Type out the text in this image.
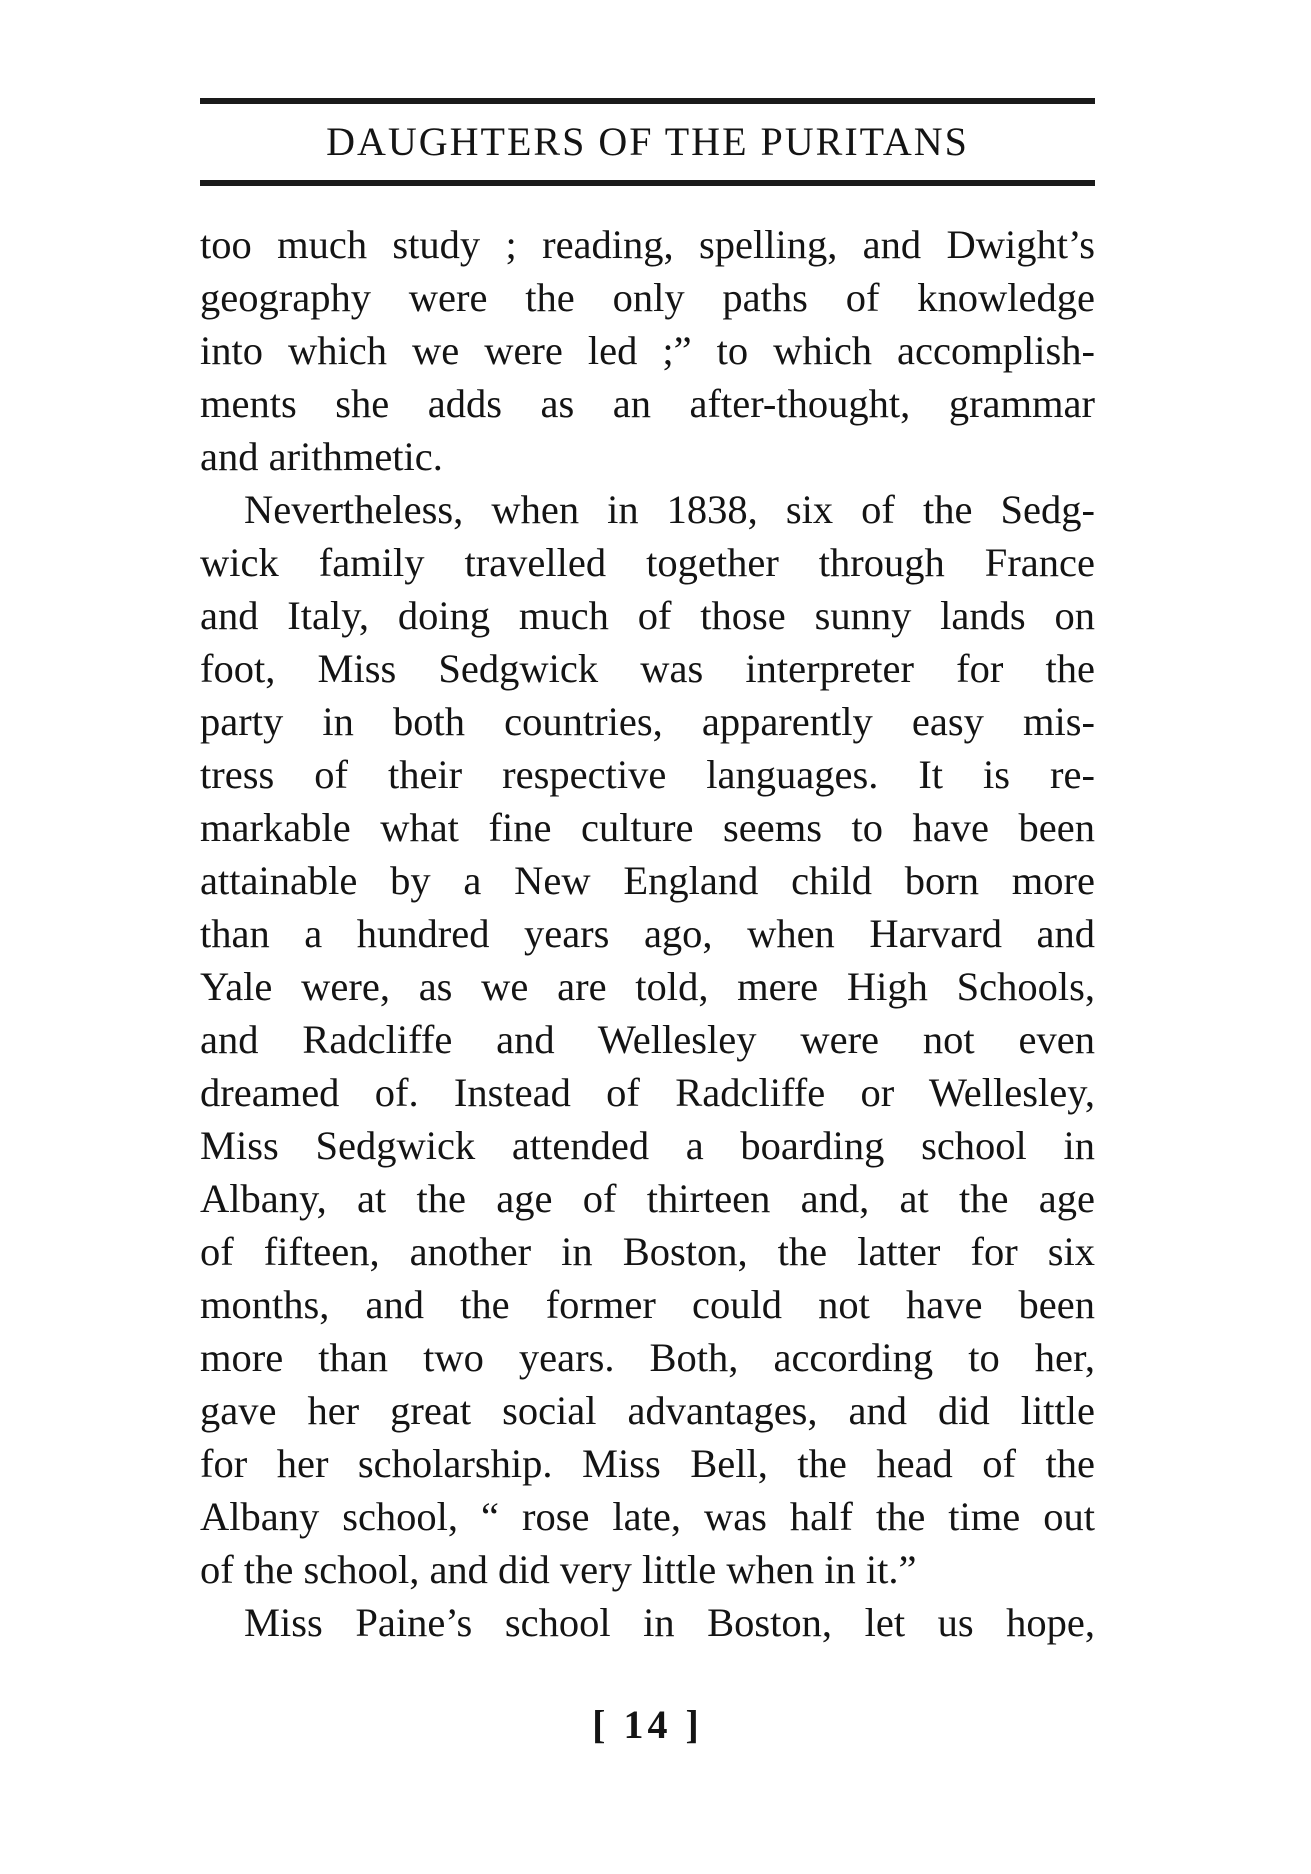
DAUGHTERS OF THE PURITANS
too much study ; reading, spelling, and Dwight’s
geography were the only paths of knowledge
into which we were led ;” to which accomplish-
ments she adds as an after-thought, grammar
and arithmetic.
Nevertheless, when in 1838, six of the Sedg-
wick family travelled together through France
and Italy, doing much of those sunny lands on
foot, Miss Sedgwick was interpreter for the
party in both countries, apparently easy mis-
tress of their respective languages. It is re-
markable what fine culture seems to have been
attainable by a New England child born more
than a hundred years ago, when Harvard and
Yale were, as we are told, mere High Schools,
and Radcliffe and Wellesley were not even
dreamed of. Instead of Radcliffe or Wellesley,
Miss Sedgwick attended a boarding school in
Albany, at the age of thirteen and, at the age
of fifteen, another in Boston, the latter for six
months, and the former could not have been
more than two years. Both, according to her,
gave her great social advantages, and did little
for her scholarship. Miss Bell, the head of the
Albany school, “ rose late, was half the time out
of the school, and did very little when in it.”
Miss Paine’s school in Boston, let us hope,
[ 14 ]
